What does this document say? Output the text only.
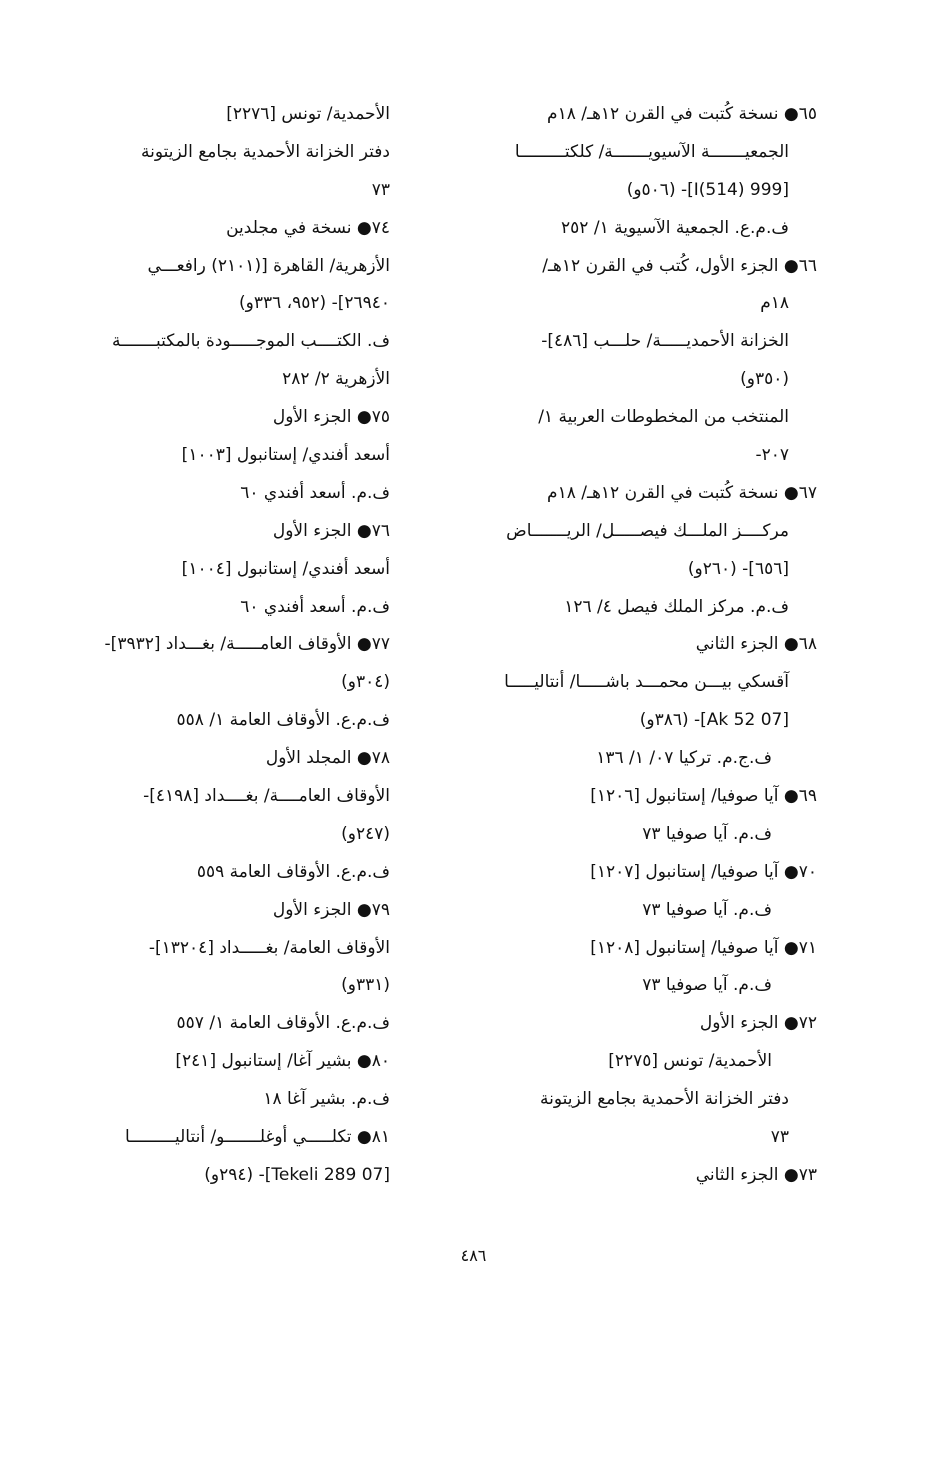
٦٥● نسخة كُتبت في القرن ١٢هـ/ ١٨م
الجمعيـــــــة الآسيويـــــــة/ كلكتـــــــــا
[999 I(514)]- (٥٠٦و)
ف.م.ع. الجمعية الآسيوية ١/ ٢٥٢
٦٦● الجزء الأول، كُتب في القرن ١٢هـ/
١٨م
الخزانة الأحمديـــــة/ حلـــب [٤٨٦]-
(٣٥٠و)
المنتخب من المخطوطات العربية ١/
٢٠٧-
٦٧● نسخة كُتبت في القرن ١٢هـ/ ١٨م
مركــــز الملـــك فيصـــــل/ الريـــــــاض
[٦٥٦]- (٢٦٠و)
ف.م. مركز الملك فيصل ٤/ ١٢٦
٦٨● الجزء الثاني
آقسكي بيـــن محمـــد باشـــــا/ أنتاليـــــا
[07 Ak 52]- (٣٨٦و)
ف.ج.م. تركيا ٠٧/ ١/ ١٣٦
٦٩● آيا صوفيا/ إستانبول [١٢٠٦]
ف.م. آيا صوفيا ٧٣
٧٠● آيا صوفيا/ إستانبول [١٢٠٧]
ف.م. آيا صوفيا ٧٣
٧١● آيا صوفيا/ إستانبول [١٢٠٨]
ف.م. آيا صوفيا ٧٣
٧٢● الجزء الأول
الأحمدية/ تونس [٢٢٧٥]
دفتر الخزانة الأحمدية بجامع الزيتونة
٧٣
٧٣● الجزء الثاني
الأحمدية/ تونس [٢٢٧٦]
دفتر الخزانة الأحمدية بجامع الزيتونة
٧٣
٧٤● نسخة في مجلدين
الأزهرية/ القاهرة [(٢١٠١) رافعـــي
٢٦٩٤٠]- (٩٥٢، ٣٣٦و)
ف. الكتــــب الموجـــــودة بالمكتبـــــــة
الأزهرية ٢/ ٢٨٢
٧٥● الجزء الأول
أسعد أفندي/ إستانبول [١٠٠٣]
ف.م. أسعد أفندي ٦٠
٧٦● الجزء الأول
أسعد أفندي/ إستانبول [١٠٠٤]
ف.م. أسعد أفندي ٦٠
٧٧● الأوقاف العامـــــة/ بغـــداد [٣٩٣٢]-
(٣٠٤و)
ف.م.ع. الأوقاف العامة ١/ ٥٥٨
٧٨● المجلد الأول
الأوقاف العامــــة/ بغــــداد [٤١٩٨]-
(٢٤٧و)
ف.م.ع. الأوقاف العامة ٥٥٩
٧٩● الجزء الأول
الأوقاف العامة/ بغـــــداد [١٣٢٠٤]-
(٣٣١و)
ف.م.ع. الأوقاف العامة ١/ ٥٥٧
٨٠● بشير آغا/ إستانبول [٢٤١]
ف.م. بشير آغا ١٨
٨١● تكلـــــي أوغلـــــــو/ أنتاليـــــــــا
[07 Tekeli 289]- (٢٩٤و)
٤٨٦
